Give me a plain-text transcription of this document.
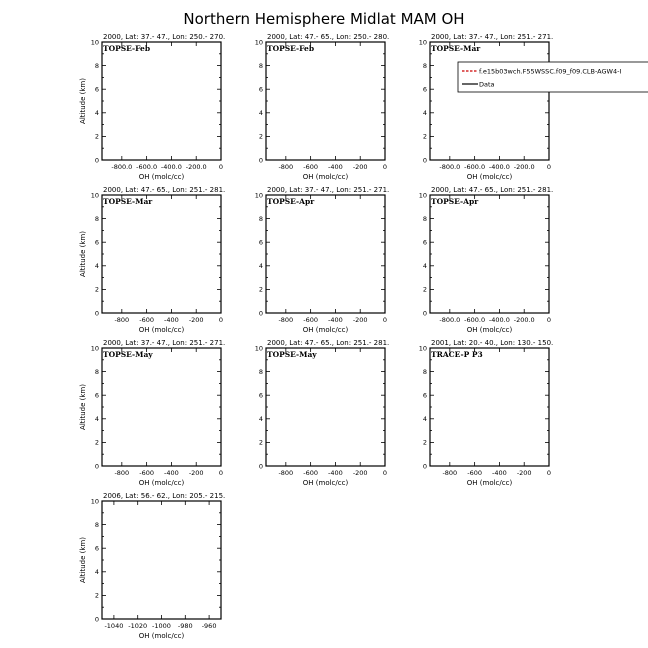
Northern Hemisphere Midlat MAM OH
2000, Lat: 37.- 47., Lon: 250.- 270.
TOPSE-Feb
0
2
4
6
8
10
-800.0 -600.0 -400.0 -200.0 0
OH (molc/cc)
Altitude (km)
2000, Lat: 47.- 65., Lon: 250.- 280.
TOPSE-Feb
0
2
4
6
8
10
-800 -600 -400 -200 0
OH (molc/cc)
2000, Lat: 37.- 47., Lon: 251.- 271.
TOPSE-Mar
0
2
4
6
8
10
-800.0 -600.0 -400.0 -200.0 0
OH (molc/cc)
2000, Lat: 47.- 65., Lon: 251.- 281.
TOPSE-Mar
0
2
4
6
8
10
-800 -600 -400 -200 0
OH (molc/cc)
Altitude (km)
2000, Lat: 37.- 47., Lon: 251.- 271.
TOPSE-Apr
0
2
4
6
8
10
-800 -600 -400 -200 0
OH (molc/cc)
2000, Lat: 47.- 65., Lon: 251.- 281.
TOPSE-Apr
0
2
4
6
8
10
-800.0 -600.0 -400.0 -200.0 0
OH (molc/cc)
2000, Lat: 37.- 47., Lon: 251.- 271.
TOPSE-May
0
2
4
6
8
10
-800 -600 -400 -200 0
OH (molc/cc)
Altitude (km)
2000, Lat: 47.- 65., Lon: 251.- 281.
TOPSE-May
0
2
4
6
8
10
-800 -600 -400 -200 0
OH (molc/cc)
2001, Lat: 20.- 40., Lon: 130.- 150.
TRACE-P P3
0
2
4
6
8
10
-800 -600 -400 -200 0
OH (molc/cc)
2006, Lat: 56.- 62., Lon: 205.- 215.
0
2
4
6
8
10
-1040 -1020 -1000 -980 -960
OH (molc/cc)
Altitude (km)
f.e15b03wch.F55WSSC.f09_f09.CLB-AGW4-I
Data
